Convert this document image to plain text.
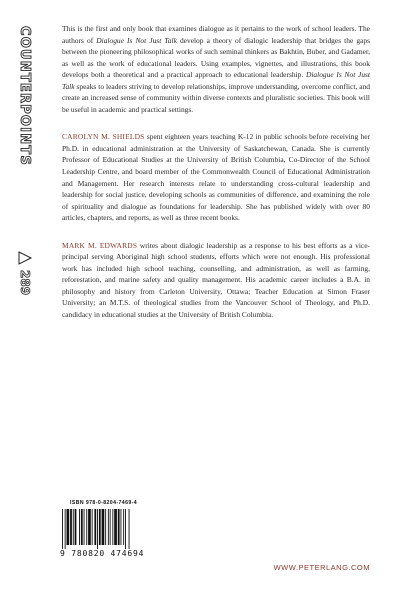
COUNTERPOINTS
289

This is the first and only book that examines dialogue as it pertains to the work of school leaders. The authors of Dialogue Is Not Just Talk develop a theory of dialogic leadership that bridges the gaps between the pioneering philosophical works of such seminal thinkers as Bakhtin, Buber, and Gadamer, as well as the work of educational leaders. Using examples, vignettes, and illustrations, this book develops both a theoretical and a practical approach to educational leadership. Dialogue Is Not Just Talk speaks to leaders striving to develop relationships, improve understanding, overcome conflict, and create an increased sense of community within diverse contexts and pluralistic societies. This book will be useful in academic and practical settings.

CAROLYN M. SHIELDS spent eighteen years teaching K-12 in public schools before receiving her Ph.D. in educational administration at the University of Saskatchewan, Canada. She is currently Professor of Educational Studies at the University of British Columbia, Co-Director of the School Leadership Centre, and board member of the Commonwealth Council of Educational Administration and Management. Her research interests relate to understanding cross-cultural leadership and leadership for social justice, developing schools as communities of difference, and examining the role of spirituality and dialogue as foundations for leadership. She has published widely with over 80 articles, chapters, and reports, as well as three recent books.

MARK M. EDWARDS writes about dialogic leadership as a response to his best efforts as a vice-principal serving Aboriginal high school students, efforts which were not enough. His professional work has included high school teaching, counselling, and administration, as well as farming, reforestation, and marine safety and quality management. His academic career includes a B.A. in philosophy and history from Carleton University, Ottawa; Teacher Education at Simon Fraser University; an M.T.S. of theological studies from the Vancouver School of Theology, and Ph.D. candidacy in educational studies at the University of British Columbia.

ISBN 978-0-8204-7469-4
9 780820 474694
WWW.PETERLANG.COM
